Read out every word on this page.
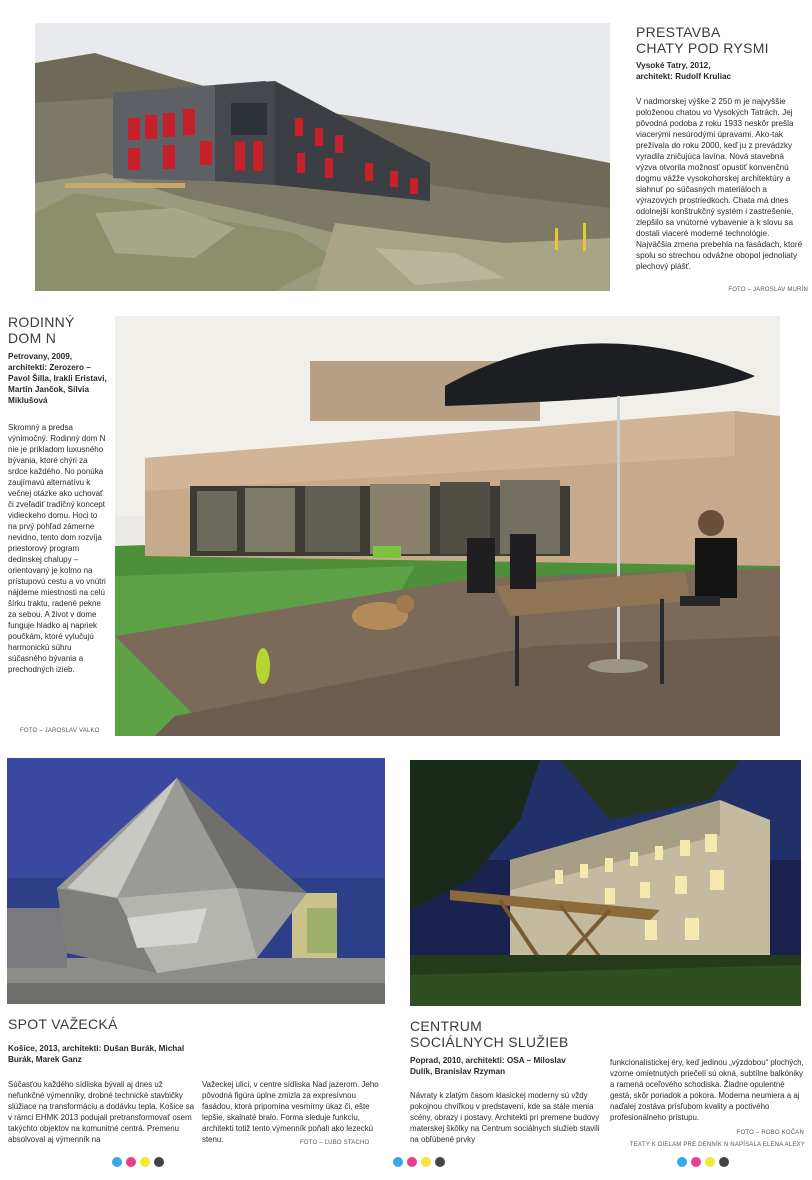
PRESTAVBA
CHATY POD RYSMI
Vysoké Tatry, 2012,
architekt: Rudolf Kruliac
V nadmorskej výške 2 250 m je najvyššie položenou chatou vo Vysokých Tatrách. Jej pôvodná podoba z roku 1933 neskôr prešla viacerými nesúrodými úpravami. Ako-tak prežívala do roku 2000, keď ju z prevádzky vyradila zničujúca lavína. Nová stavebná výzva otvorila možnosť opustiť konvenčnú dogmu vážže vysokohorskej architektúry a siahnuť po súčasných materiáloch a výrazových prostriedkoch. Chata má dnes odolnejší konštrukčný systém i zastrešenie, zlepšilo sa vnútorné vybavenie a k slovu sa dostali viaceré moderné technológie. Najväčšia zmena prebehla na fasádach, ktoré spolu so strechou odvážne obopol jednoliaty plechový plášť.
FOTO – JAROSLAV MURÍN
RODINNÝ
DOM N
Petrovany, 2009, architekti: Zerozero – Pavol Šilla, Irakli Eristavi, Martin Jančok, Silvia Miklušová
Skromný a predsa výnimočný. Rodinný dom N nie je príkladom luxusného bývania, ktoré chýri za srdce každého. No ponúka zaujímavú alternatívu k večnej otázke ako uchovať či zveľadiť tradičný koncept vidieckeho domu. Hoci to na prvý pohľad zámerne nevidno, tento dom rozvíja priestorový program dedinskej chalupy – orientovaný je kolmo na prístupovú cestu a vo vnútri nájdeme miestnosti na celú šírku traktu, radené pekne za sebou. A život v dome funguje hladko aj napriek poučkám, ktoré vylučujú harmonickú súhru súčasného bývania a prechodných izieb.
FOTO – JAROSLAV VALKO
SPOT VAŽECKÁ
Košice, 2013, architekti: Dušan Burák, Michal Burák, Marek Ganz
Súčasťou každého sídliska bývali aj dnes už nefunkčné výmenníky, drobné technické stavbičky slúžiace na transformáciu a dodávku tepla. Košice sa v rámci EHMK 2013 podujali pretransformovať osem takýchto objektov na komunitné centrá. Premenu absolvoval aj výmenník na
Važeckej ulici, v centre sídliska Nad jazerom. Jeho pôvodná figúra úplne zmizla za expresívnou fasádou, ktorá pripomína vesmírny úkaz či, ešte lepšie, skalnaté bralo. Forma sleduje funkciu, architekti totiž tento výmenník poňali ako lezeckú stenu.	FOTO – ĽUBO STACHO
CENTRUM
SOCIÁLNYCH SLUŽIEB
Poprad, 2010, architekti: OSA – Miloslav Dulík, Branislav Rzyman
Návraty k zlatým časom klasickej moderny sú vždy pokojnou chvíľkou v predstavení, kde sa stále menia scény, obrazy i postavy. Architekti pri premene budovy materskej škôlky na Centrum sociálnych služieb stavili na obľúbené prvky
funkcionalistickej éry, keď jedinou „výzdobou“ plochých, vzorne omietnutých priečelí sú okná, subtílne balkóniky a ramená oceľového schodiska. Žiadne opulentné gestá, skôr poriadok a pokora. Moderna neumiera a aj naďalej zostáva prísľubom kvality a poctivého profesionálneho prístupu.
FOTO – ROBO KOČAN
TEXTY K DIELAM PRE DENNÍK N NAPÍSALA ELENA ALEXY
